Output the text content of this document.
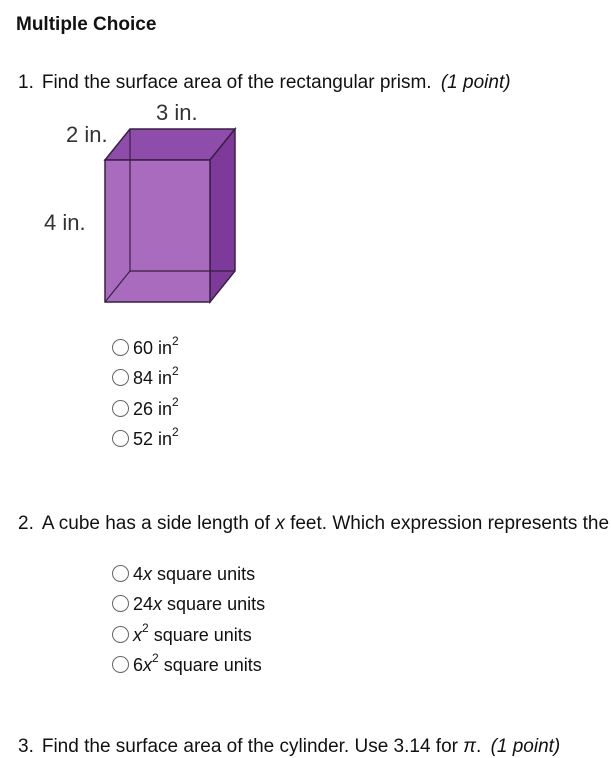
Multiple Choice
1. Find the surface area of the rectangular prism. (1 point)
3 in.
2 in.
4 in.
60 $in^2$
84 $in^2$
26 $in^2$
52 $in^2$
2. A cube has a side length of x feet. Which expression represents the
4x square units
24x square units
$x^2$ square units
$6x^2$ square units
3. Find the surface area of the cylinder. Use 3.14 for π. (1 point)
